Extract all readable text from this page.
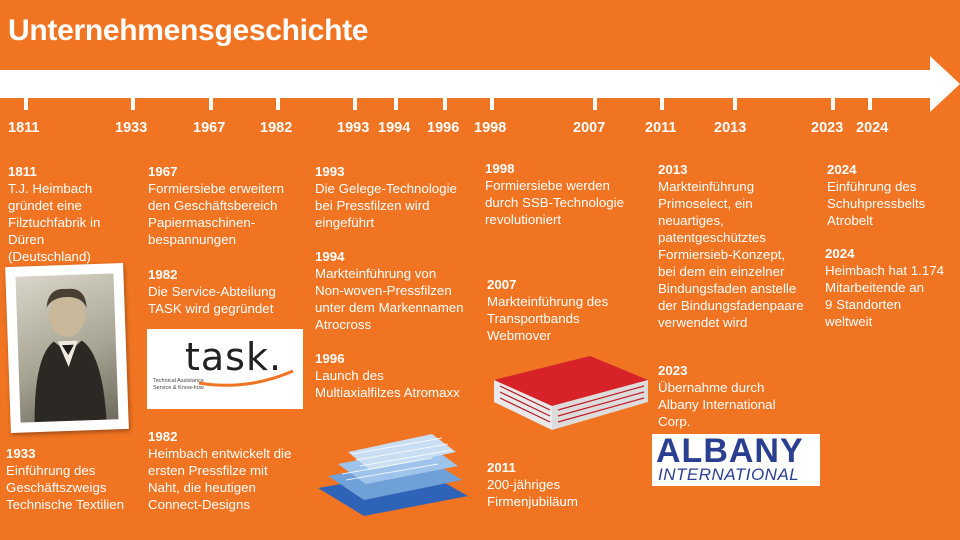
Unternehmensgeschichte
1811	1933	1967 1982	1993 1994 1996 1998	2007	2011	2013	2023 2024
1811
T.J. Heimbach
gründet eine
Filztuchfabrik in
Düren
(Deutschland)
1933
Einführung des
Geschäftszweigs
Technische Textilien
1967
Formiersiebe erweitern
den Geschäftsbereich
Papiermaschinen-
bespannungen
1982
Die Service-Abteilung
TASK wird gegründet
1982
Heimbach entwickelt die
ersten Pressfilze mit
Naht, die heutigen
Connect-Designs
1993
Die Gelege-Technologie
bei Pressfilzen wird
eingeführt
1994
Markteinführung von
Non-woven-Pressfilzen
unter dem Markennamen
Atrocross
1996
Launch des
Multiaxialfilzes Atromaxx
1998
Formiersiebe werden
durch SSB-Technologie
revolutioniert
2007
Markteinführung des
Transportbands
Webmover
2011
200-jähriges
Firmenjubiläum
2013
Markteinführung
Primoselect, ein
neuartiges,
patentgeschütztes
Formiersieb-Konzept,
bei dem ein einzelner
Bindungsfaden anstelle
der Bindungsfadenpaare
verwendet wird
2023
Übernahme durch
Albany International
Corp.
2024
Einführung des
Schuhpressbelts
Atrobelt
2024
Heimbach hat 1.174
Mitarbeitende an
9 Standorten
weltweit
task.
Technical Assistance
Service & Know-how
ALBANY
INTERNATIONAL
